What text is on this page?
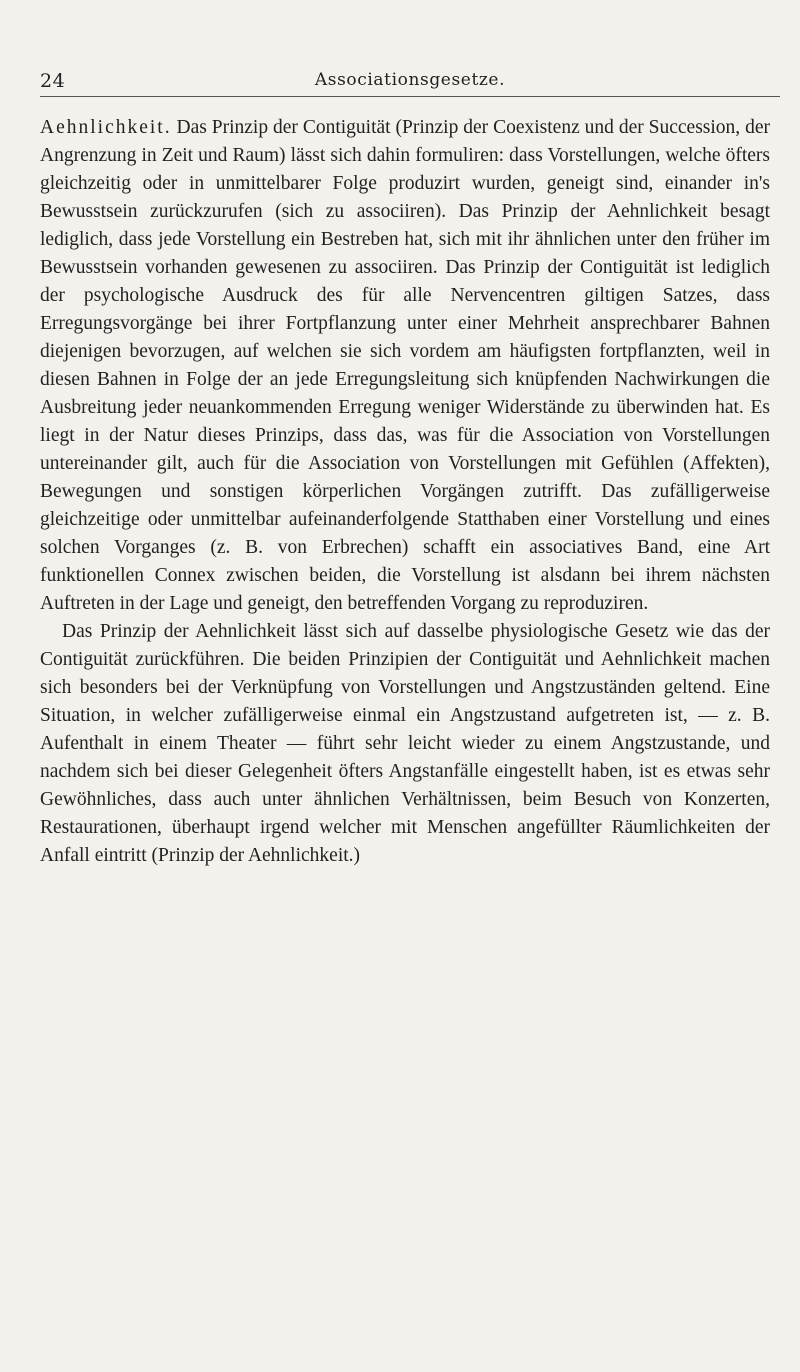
24	Associationsgesetze.

Aehnlichkeit. Das Prinzip der Contiguität (Prinzip der Coexistenz und der Succession, der Angrenzung in Zeit und Raum) lässt sich dahin formuliren: dass Vorstellungen, welche öfters gleichzeitig oder in unmittelbarer Folge produzirt wurden, geneigt sind, einander in's Bewusstsein zurückzurufen (sich zu associiren). Das Prinzip der Aehnlichkeit besagt lediglich, dass jede Vorstellung ein Bestreben hat, sich mit ihr ähnlichen unter den früher im Bewusstsein vorhanden gewesenen zu associiren. Das Prinzip der Contiguität ist lediglich der psychologische Ausdruck des für alle Nervencentren giltigen Satzes, dass Erregungsvorgänge bei ihrer Fortpflanzung unter einer Mehrheit ansprechbarer Bahnen diejenigen bevorzugen, auf welchen sie sich vordem am häufigsten fortpflanzten, weil in diesen Bahnen in Folge der an jede Erregungsleitung sich knüpfenden Nachwirkungen die Ausbreitung jeder neuankommenden Erregung weniger Widerstände zu überwinden hat. Es liegt in der Natur dieses Prinzips, dass das, was für die Association von Vorstellungen untereinander gilt, auch für die Association von Vorstellungen mit Gefühlen (Affekten), Bewegungen und sonstigen körperlichen Vorgängen zutrifft. Das zufälligerweise gleichzeitige oder unmittelbar aufeinanderfolgende Statthaben einer Vorstellung und eines solchen Vorganges (z. B. von Erbrechen) schafft ein associatives Band, eine Art funktionellen Connex zwischen beiden, die Vorstellung ist alsdann bei ihrem nächsten Auftreten in der Lage und geneigt, den betreffenden Vorgang zu reproduziren.

Das Prinzip der Aehnlichkeit lässt sich auf dasselbe physiologische Gesetz wie das der Contiguität zurückführen. Die beiden Prinzipien der Contiguität und Aehnlichkeit machen sich besonders bei der Verknüpfung von Vorstellungen und Angstzuständen geltend. Eine Situation, in welcher zufälligerweise einmal ein Angstzustand aufgetreten ist, — z. B. Aufenthalt in einem Theater — führt sehr leicht wieder zu einem Angstzustande, und nachdem sich bei dieser Gelegenheit öfters Angstanfälle eingestellt haben, ist es etwas sehr Gewöhnliches, dass auch unter ähnlichen Verhältnissen, beim Besuch von Konzerten, Restaurationen, überhaupt irgend welcher mit Menschen angefüllter Räumlichkeiten der Anfall eintritt (Prinzip der Aehnlichkeit.)
